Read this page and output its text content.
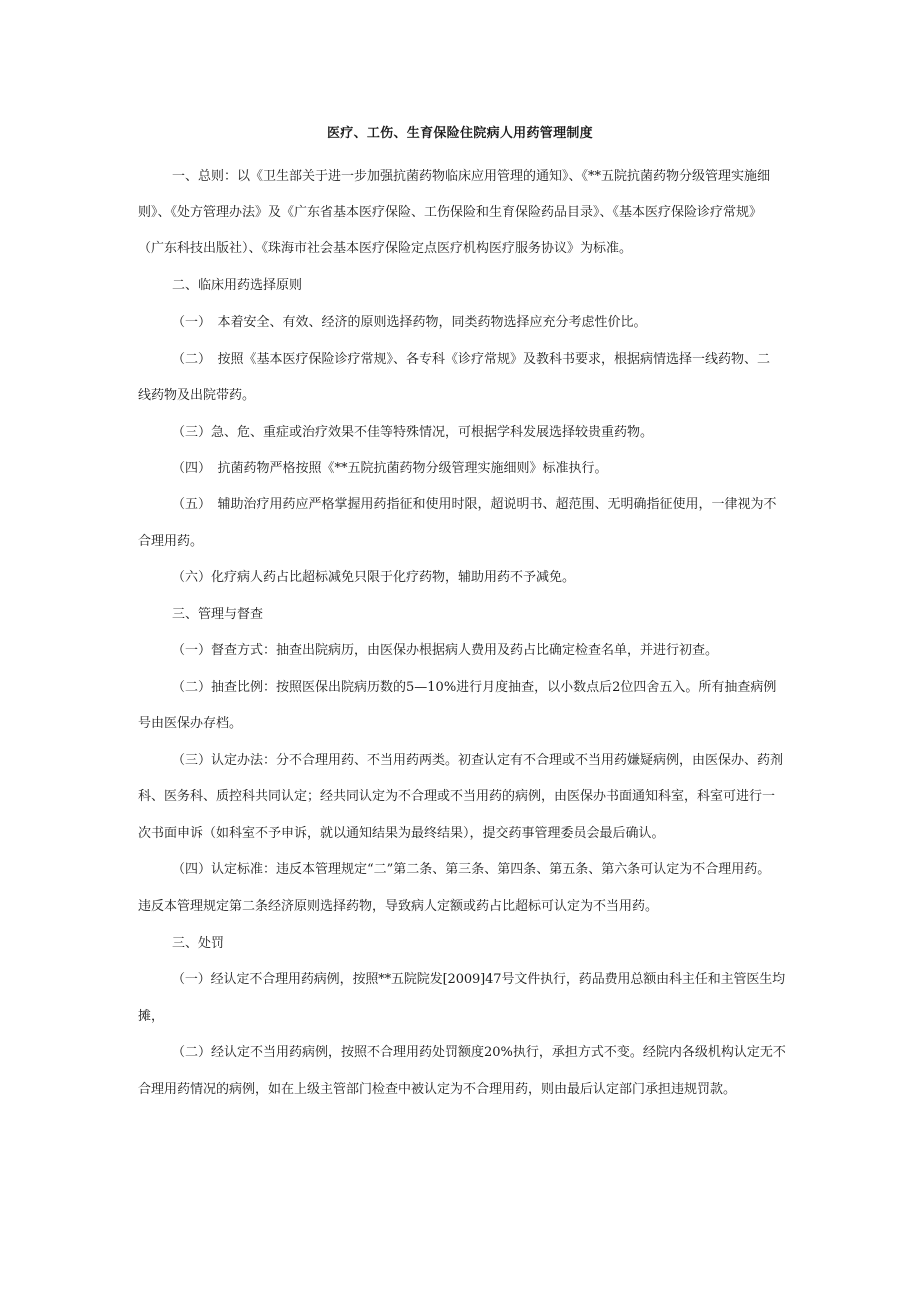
医疗、工伤、生育保险住院病人用药管理制度

一、总则：以《卫生部关于进一步加强抗菌药物临床应用管理的通知》、《**五院抗菌药物分级管理实施细

则》、《处方管理办法》及《广东省基本医疗保险、工伤保险和生育保险药品目录》、《基本医疗保险诊疗常规》

（广东科技出版社）、《珠海市社会基本医疗保险定点医疗机构医疗服务协议》为标准。

二、临床用药选择原则

（一）　本着安全、有效、经济的原则选择药物，同类药物选择应充分考虑性价比。

（二）　按照《基本医疗保险诊疗常规》、各专科《诊疗常规》及教科书要求，根据病情选择一线药物、二

线药物及出院带药。

（三）急、危、重症或治疗效果不佳等特殊情况，可根据学科发展选择较贵重药物。

（四）　抗菌药物严格按照《**五院抗菌药物分级管理实施细则》标准执行。

（五）　辅助治疗用药应严格掌握用药指征和使用时限，超说明书、超范围、无明确指征使用，一律视为不

合理用药。

（六）化疗病人药占比超标减免只限于化疗药物，辅助用药不予减免。

三、管理与督查

（一）督查方式：抽查出院病历，由医保办根据病人费用及药占比确定检查名单，并进行初查。

（二）抽查比例：按照医保出院病历数的5—10%进行月度抽查，以小数点后2位四舍五入。所有抽查病例

号由医保办存档。

（三）认定办法：分不合理用药、不当用药两类。初查认定有不合理或不当用药嫌疑病例，由医保办、药剂

科、医务科、质控科共同认定；经共同认定为不合理或不当用药的病例，由医保办书面通知科室，科室可进行一

次书面申诉（如科室不予申诉，就以通知结果为最终结果），提交药事管理委员会最后确认。

（四）认定标准：违反本管理规定“二”第二条、第三条、第四条、第五条、第六条可认定为不合理用药。

违反本管理规定第二条经济原则选择药物，导致病人定额或药占比超标可认定为不当用药。

三、处罚

（一）经认定不合理用药病例，按照**五院院发[2009]47号文件执行，药品费用总额由科主任和主管医生均

摊，

（二）经认定不当用药病例，按照不合理用药处罚额度20%执行，承担方式不变。经院内各级机构认定无不

合理用药情况的病例，如在上级主管部门检查中被认定为不合理用药，则由最后认定部门承担违规罚款。
